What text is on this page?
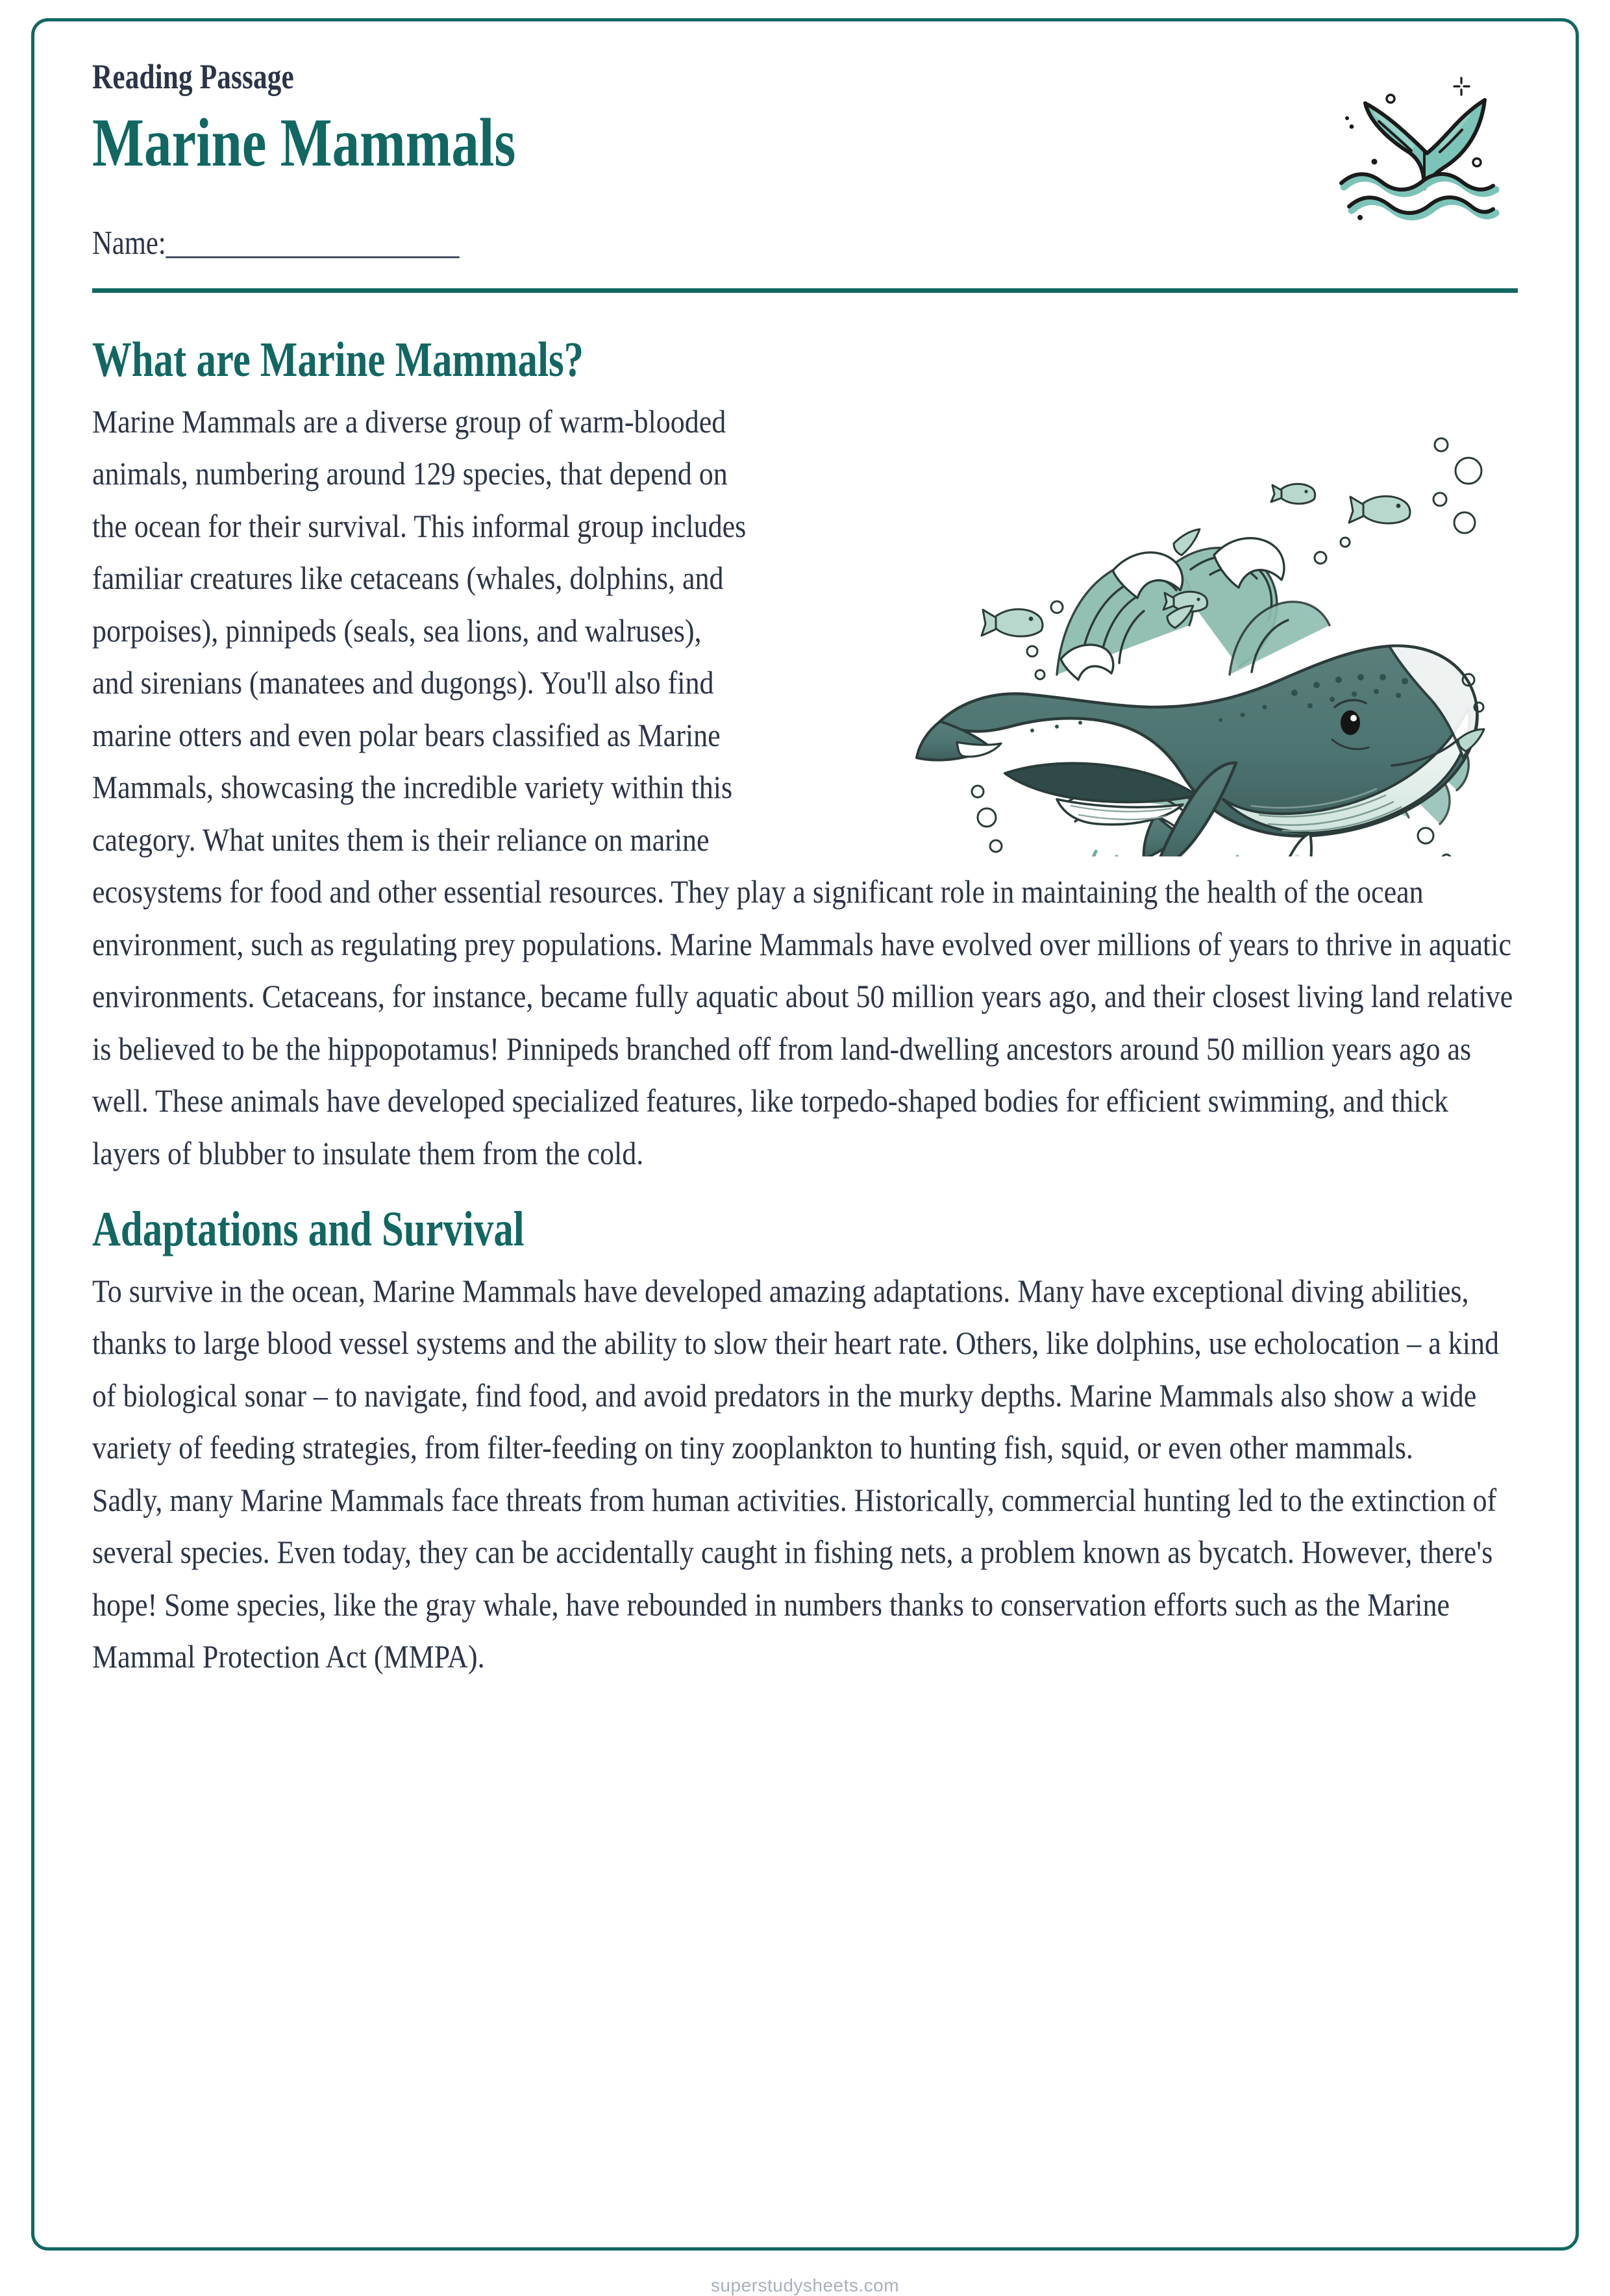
Reading Passage
Marine Mammals
Name:______________________
What are Marine Mammals?

Marine Mammals are a diverse group of warm-blooded animals, numbering around 129 species, that depend on the ocean for their survival. This informal group includes familiar creatures like cetaceans (whales, dolphins, and porpoises), pinnipeds (seals, sea lions, and walruses), and sirenians (manatees and dugongs). You'll also find marine otters and even polar bears classified as Marine Mammals, showcasing the incredible variety within this category. What unites them is their reliance on marine ecosystems for food and other essential resources. They play a significant role in maintaining the health of the ocean environment, such as regulating prey populations. Marine Mammals have evolved over millions of years to thrive in aquatic environments. Cetaceans, for instance, became fully aquatic about 50 million years ago, and their closest living land relative is believed to be the hippopotamus! Pinnipeds branched off from land-dwelling ancestors around 50 million years ago as well. These animals have developed specialized features, like torpedo-shaped bodies for efficient swimming, and thick layers of blubber to insulate them from the cold.

Adaptations and Survival

To survive in the ocean, Marine Mammals have developed amazing adaptations. Many have exceptional diving abilities, thanks to large blood vessel systems and the ability to slow their heart rate. Others, like dolphins, use echolocation – a kind of biological sonar – to navigate, find food, and avoid predators in the murky depths. Marine Mammals also show a wide variety of feeding strategies, from filter-feeding on tiny zooplankton to hunting fish, squid, or even other mammals.

Sadly, many Marine Mammals face threats from human activities. Historically, commercial hunting led to the extinction of several species. Even today, they can be accidentally caught in fishing nets, a problem known as bycatch. However, there's hope! Some species, like the gray whale, have rebounded in numbers thanks to conservation efforts such as the Marine Mammal Protection Act (MMPA).

superstudysheets.com
